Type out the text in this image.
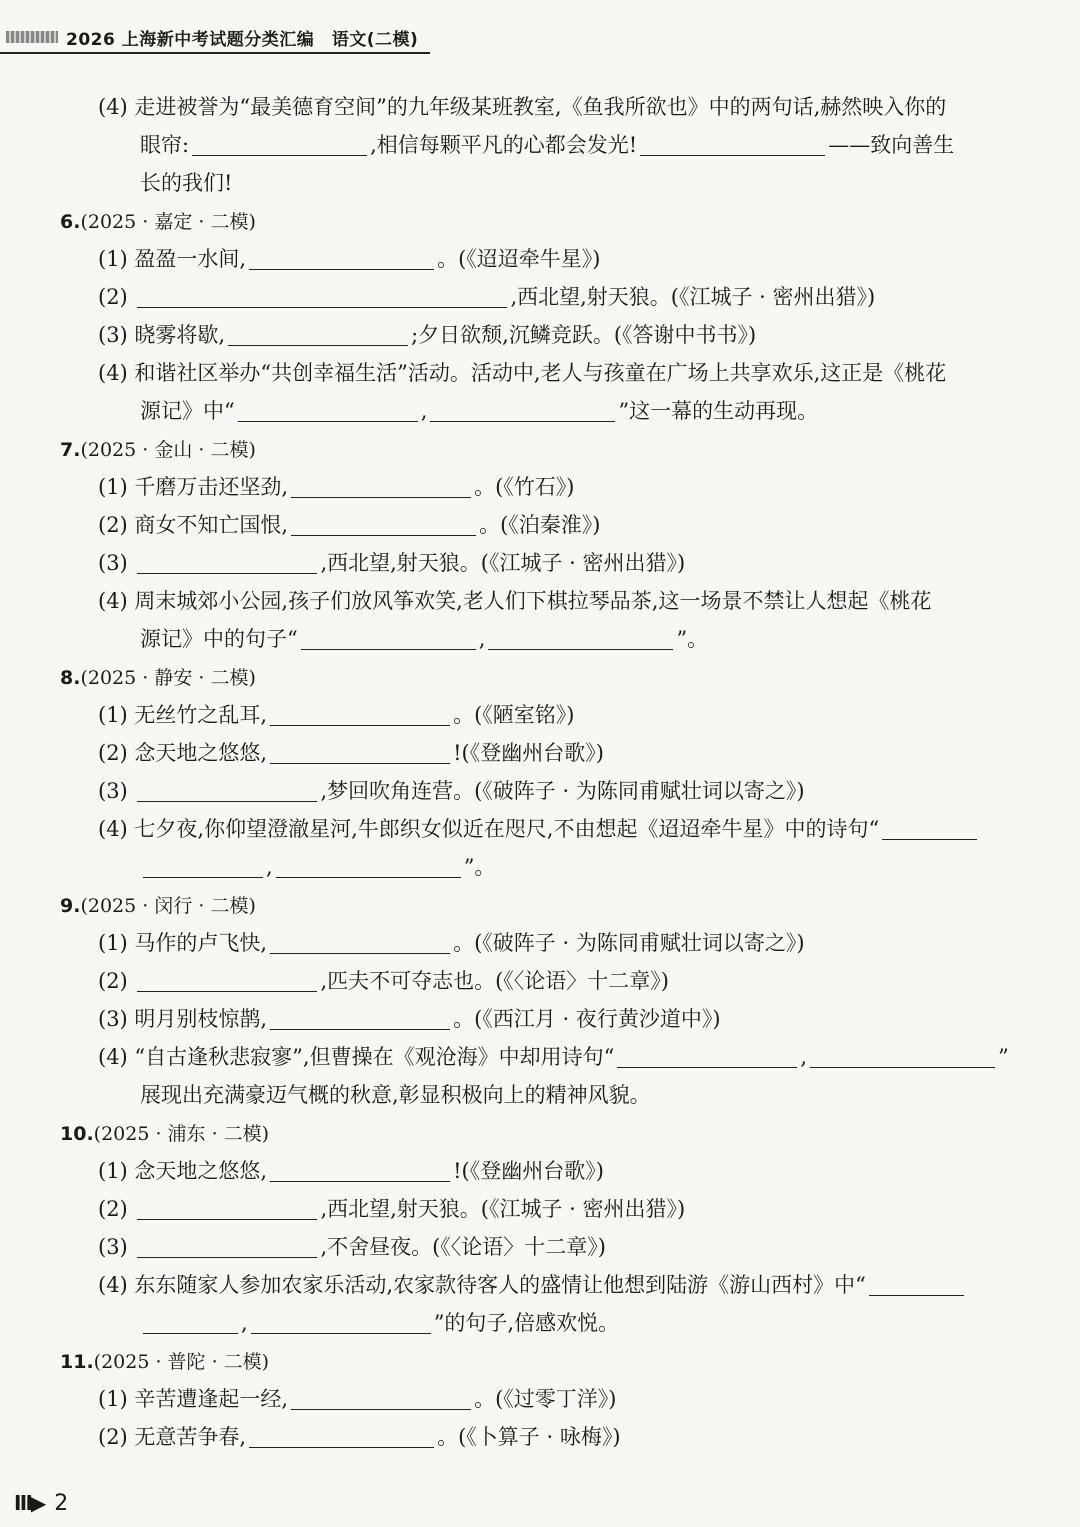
2026 上海新中考试题分类汇编　语文(二模)
(4) 走进被誉为“最美德育空间”的九年级某班教室,《鱼我所欲也》中的两句话,赫然映入你的
眼帘:	,相信每颗平凡的心都会发光!	——致向善生
长的我们!
6.(2025 · 嘉定 · 二模)
(1) 盈盈一水间,	。(《迢迢牵牛星》)
(2)	,西北望,射天狼。(《江城子 · 密州出猎》)
(3) 晓雾将歇,	;夕日欲颓,沉鳞竞跃。(《答谢中书书》)
(4) 和谐社区举办“共创幸福生活”活动。活动中,老人与孩童在广场上共享欢乐,这正是《桃花
源记》中“	,	”这一幕的生动再现。
7.(2025 · 金山 · 二模)
(1) 千磨万击还坚劲,	。(《竹石》)
(2) 商女不知亡国恨,	。(《泊秦淮》)
(3)	,西北望,射天狼。(《江城子 · 密州出猎》)
(4) 周末城郊小公园,孩子们放风筝欢笑,老人们下棋拉琴品茶,这一场景不禁让人想起《桃花
源记》中的句子“	,	”。
8.(2025 · 静安 · 二模)
(1) 无丝竹之乱耳,	。(《陋室铭》)
(2) 念天地之悠悠,	!(《登幽州台歌》)
(3)	,梦回吹角连营。(《破阵子 · 为陈同甫赋壮词以寄之》)
(4) 七夕夜,你仰望澄澈星河,牛郎织女似近在咫尺,不由想起《迢迢牵牛星》中的诗句“
,	”。
9.(2025 · 闵行 · 二模)
(1) 马作的卢飞快,	。(《破阵子 · 为陈同甫赋壮词以寄之》)
(2)	,匹夫不可夺志也。(《〈论语〉十二章》)
(3) 明月别枝惊鹊,	。(《西江月 · 夜行黄沙道中》)
(4) “自古逢秋悲寂寥”,但曹操在《观沧海》中却用诗句“	,	”
展现出充满豪迈气概的秋意,彰显积极向上的精神风貌。
10.(2025 · 浦东 · 二模)
(1) 念天地之悠悠,	!(《登幽州台歌》)
(2)	,西北望,射天狼。(《江城子 · 密州出猎》)
(3)	,不舍昼夜。(《〈论语〉十二章》)
(4) 东东随家人参加农家乐活动,农家款待客人的盛情让他想到陆游《游山西村》中“
,	”的句子,倍感欢悦。
11.(2025 · 普陀 · 二模)
(1) 辛苦遭逢起一经,	。(《过零丁洋》)
(2) 无意苦争春,	。(《卜算子 · 咏梅》)
Ⅲ▶ 2
